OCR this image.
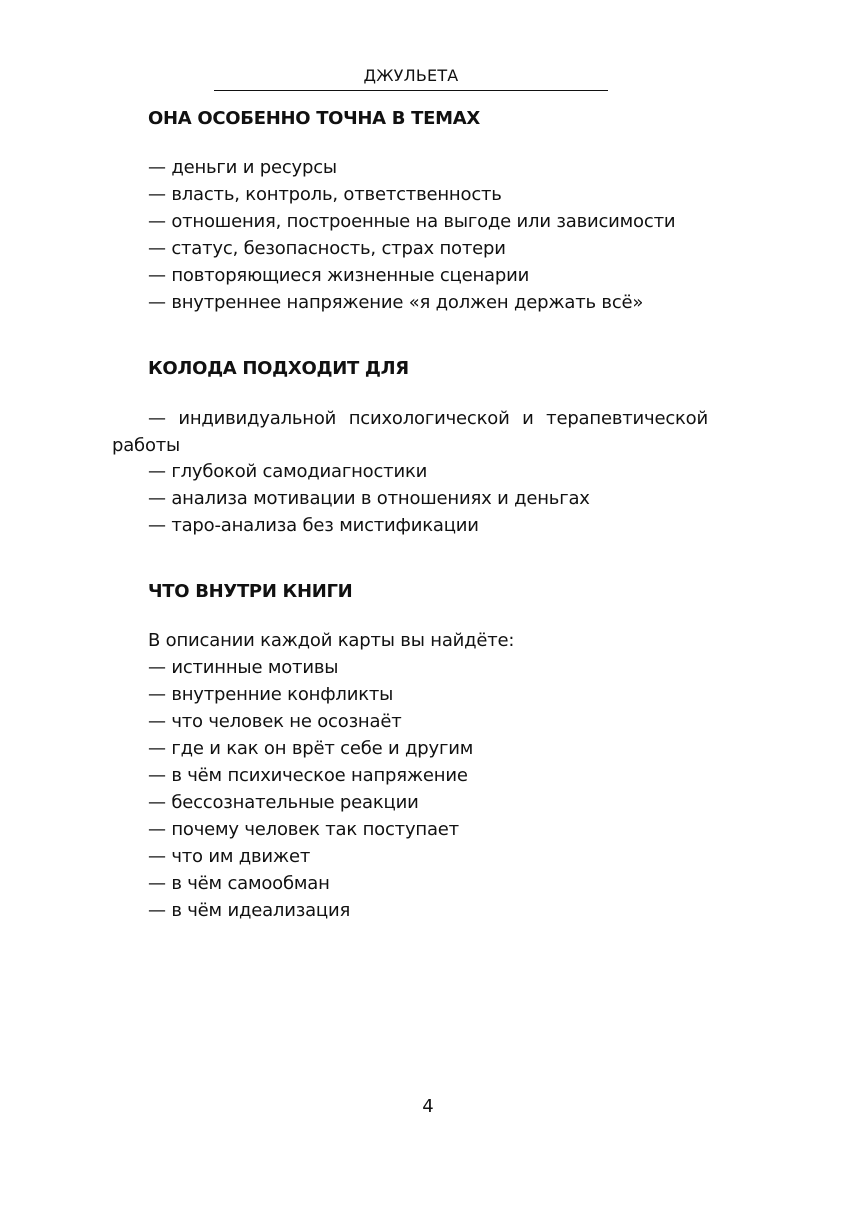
ДЖУЛЬЕТА
ОНА ОСОБЕННО ТОЧНА В ТЕМАХ
— деньги и ресурсы
— власть, контроль, ответственность
— отношения, построенные на выгоде или зависимости
— статус, безопасность, страх потери
— повторяющиеся жизненные сценарии
— внутреннее напряжение «я должен держать всё»
КОЛОДА ПОДХОДИТ ДЛЯ
— индивидуальной психологической и терапевтической работы
— глубокой самодиагностики
— анализа мотивации в отношениях и деньгах
— таро-анализа без мистификации
ЧТО ВНУТРИ КНИГИ
В описании каждой карты вы найдёте:
— истинные мотивы
— внутренние конфликты
— что человек не осознаёт
— где и как он врёт себе и другим
— в чём психическое напряжение
— бессознательные реакции
— почему человек так поступает
— что им движет
— в чём самообман
— в чём идеализация
4
